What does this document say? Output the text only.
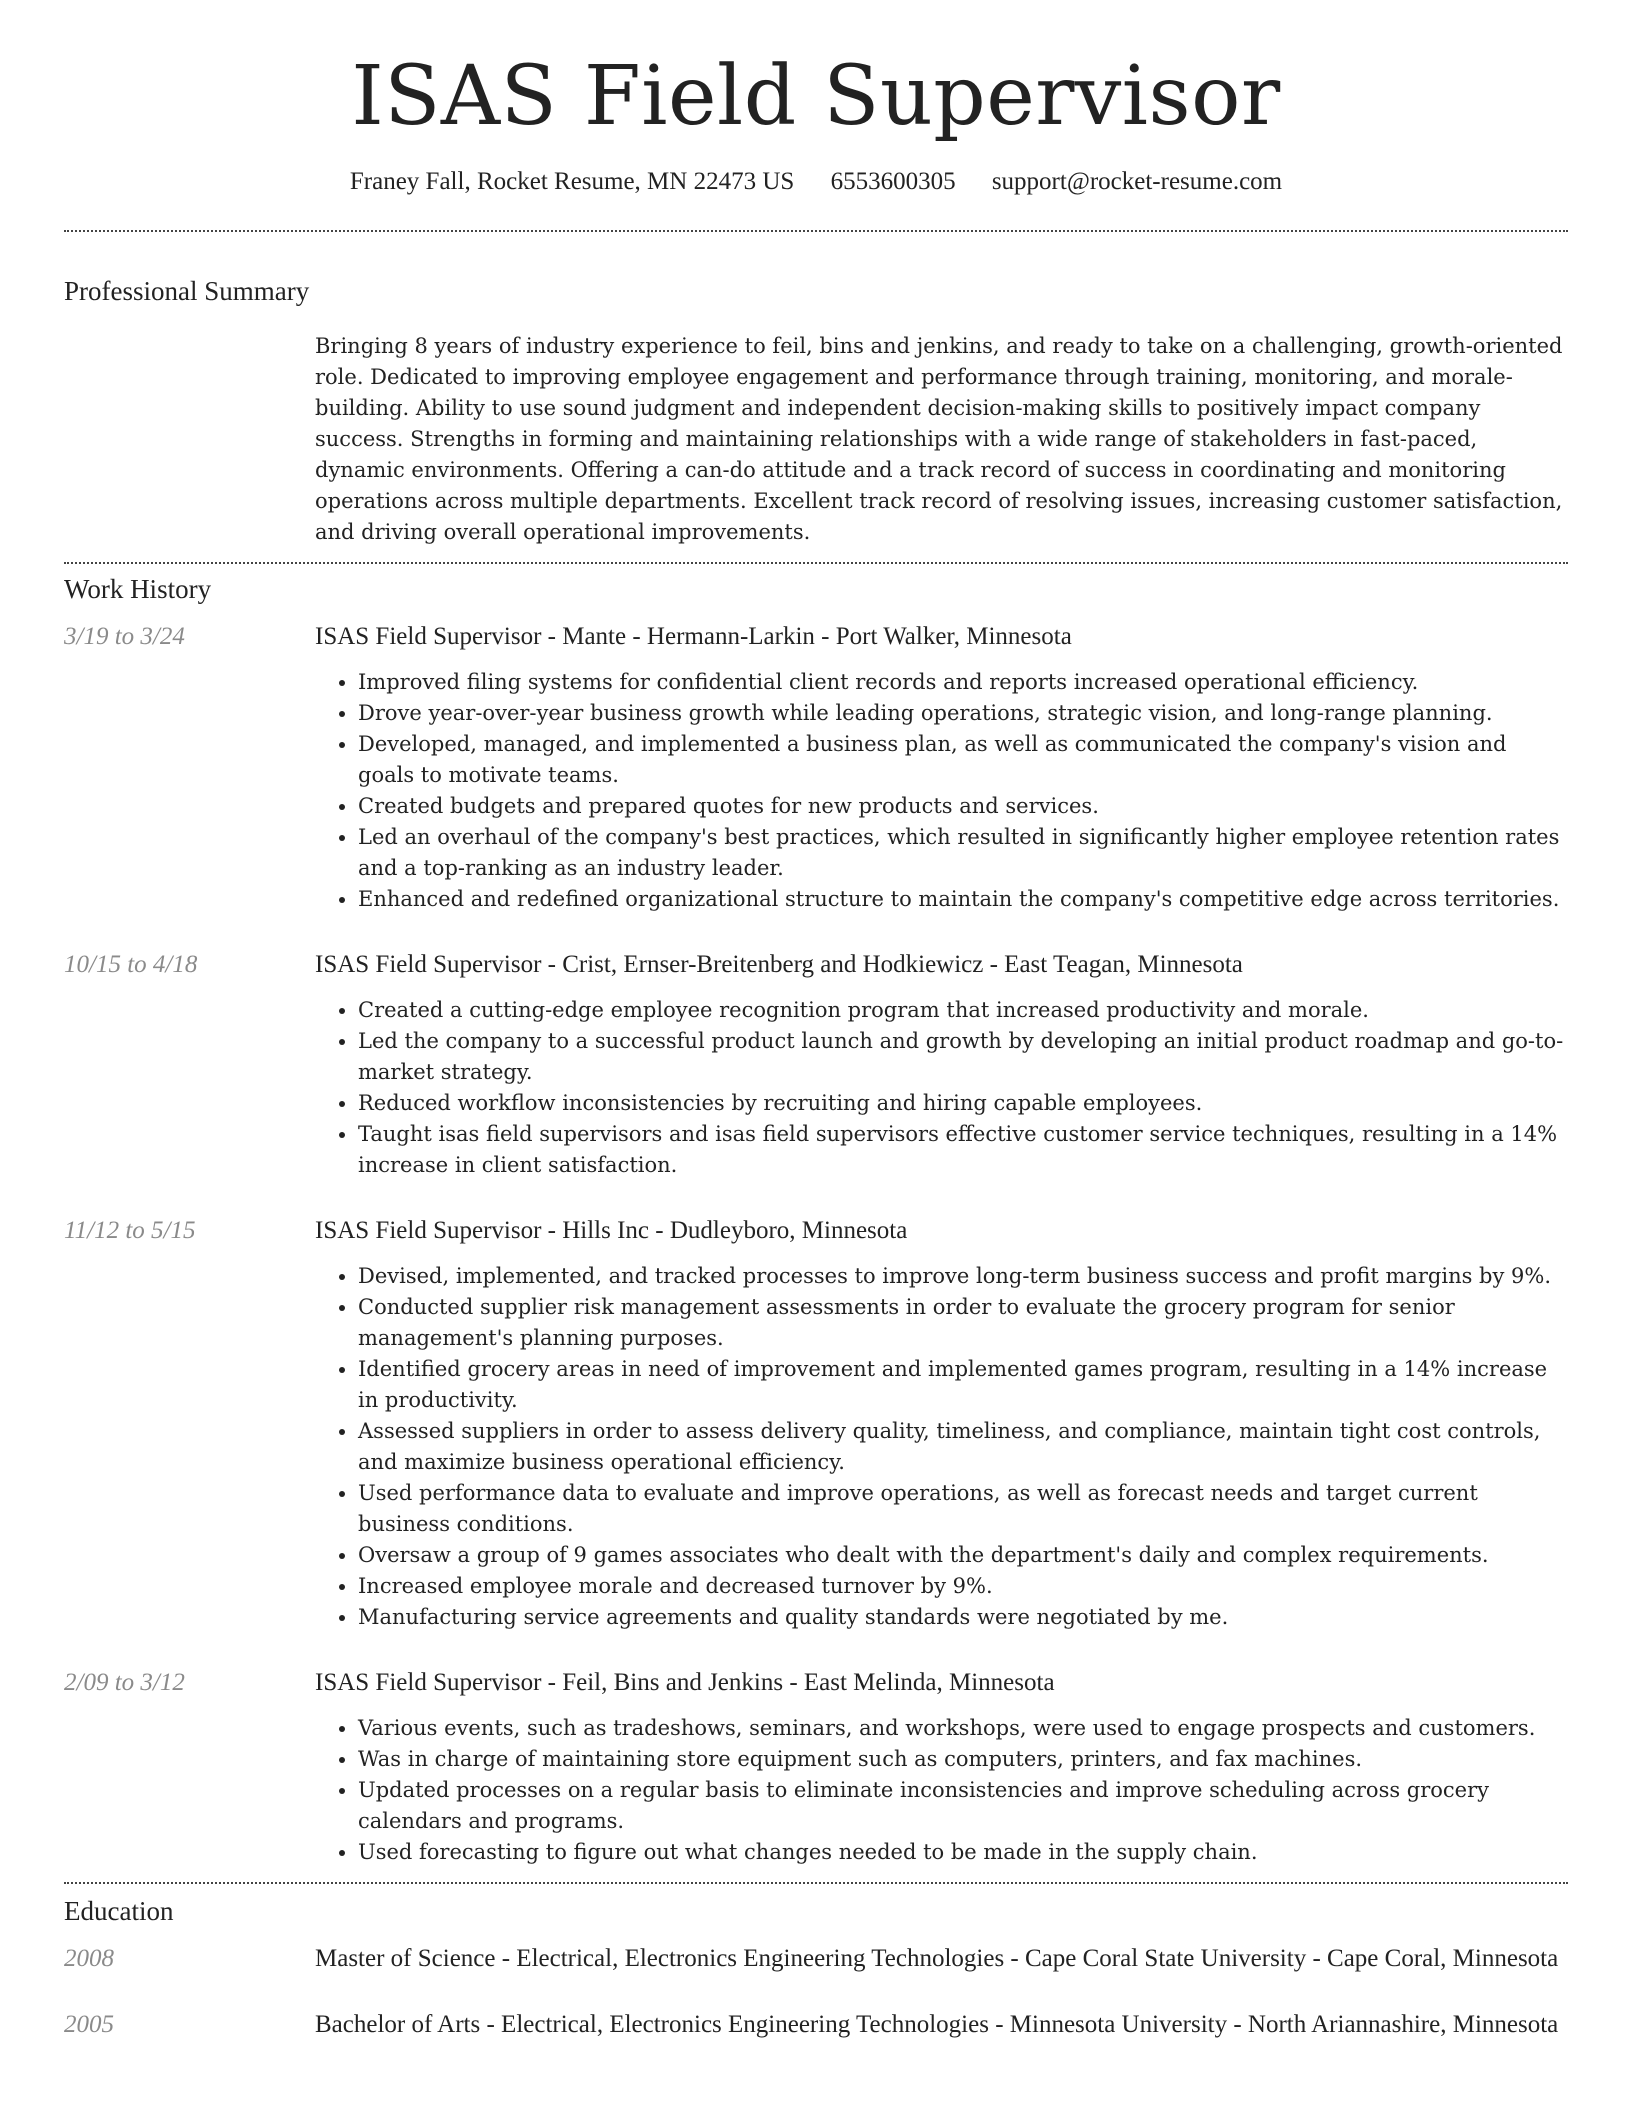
ISAS Field Supervisor
Franey Fall, Rocket Resume, MN 22473 US 6553600305 support@rocket-resume.com
Professional Summary
Bringing 8 years of industry experience to feil, bins and jenkins, and ready to take on a challenging, growth-oriented role. Dedicated to improving employee engagement and performance through training, monitoring, and morale-building. Ability to use sound judgment and independent decision-making skills to positively impact company success. Strengths in forming and maintaining relationships with a wide range of stakeholders in fast-paced, dynamic environments. Offering a can-do attitude and a track record of success in coordinating and monitoring operations across multiple departments. Excellent track record of resolving issues, increasing customer satisfaction, and driving overall operational improvements.
Work History
3/19 to 3/24	ISAS Field Supervisor - Mante - Hermann-Larkin - Port Walker, Minnesota
• Improved filing systems for confidential client records and reports increased operational efficiency.
• Drove year-over-year business growth while leading operations, strategic vision, and long-range planning.
• Developed, managed, and implemented a business plan, as well as communicated the company's vision and goals to motivate teams.
• Created budgets and prepared quotes for new products and services.
• Led an overhaul of the company's best practices, which resulted in significantly higher employee retention rates and a top-ranking as an industry leader.
• Enhanced and redefined organizational structure to maintain the company's competitive edge across territories.
10/15 to 4/18	ISAS Field Supervisor - Crist, Ernser-Breitenberg and Hodkiewicz - East Teagan, Minnesota
• Created a cutting-edge employee recognition program that increased productivity and morale.
• Led the company to a successful product launch and growth by developing an initial product roadmap and go-to-market strategy.
• Reduced workflow inconsistencies by recruiting and hiring capable employees.
• Taught isas field supervisors and isas field supervisors effective customer service techniques, resulting in a 14% increase in client satisfaction.
11/12 to 5/15	ISAS Field Supervisor - Hills Inc - Dudleyboro, Minnesota
• Devised, implemented, and tracked processes to improve long-term business success and profit margins by 9%.
• Conducted supplier risk management assessments in order to evaluate the grocery program for senior management's planning purposes.
• Identified grocery areas in need of improvement and implemented games program, resulting in a 14% increase in productivity.
• Assessed suppliers in order to assess delivery quality, timeliness, and compliance, maintain tight cost controls, and maximize business operational efficiency.
• Used performance data to evaluate and improve operations, as well as forecast needs and target current business conditions.
• Oversaw a group of 9 games associates who dealt with the department's daily and complex requirements.
• Increased employee morale and decreased turnover by 9%.
• Manufacturing service agreements and quality standards were negotiated by me.
2/09 to 3/12	ISAS Field Supervisor - Feil, Bins and Jenkins - East Melinda, Minnesota
• Various events, such as tradeshows, seminars, and workshops, were used to engage prospects and customers.
• Was in charge of maintaining store equipment such as computers, printers, and fax machines.
• Updated processes on a regular basis to eliminate inconsistencies and improve scheduling across grocery calendars and programs.
• Used forecasting to figure out what changes needed to be made in the supply chain.
Education
2008	Master of Science - Electrical, Electronics Engineering Technologies - Cape Coral State University - Cape Coral, Minnesota
2005	Bachelor of Arts - Electrical, Electronics Engineering Technologies - Minnesota University - North Ariannashire, Minnesota
